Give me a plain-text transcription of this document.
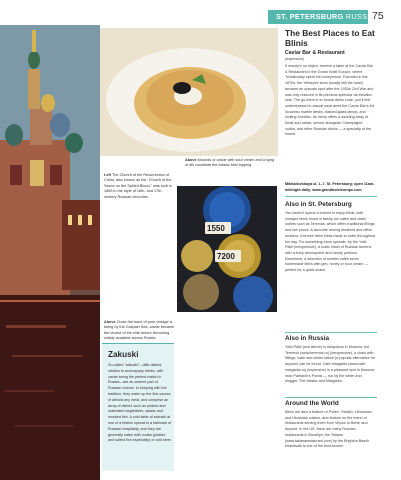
ST. PETERSBURG RUSSIA
75
Above Mounds of caviar with sour cream and a sprig of dill constitute the classic blini topping
Left The Church of the Resurrection of Christ, also known as the “Church of the Savior on the Spilled Blood,” was built in 1883 in the style of 16th- and 17th-century Russian churches.
1550
7200
Above Close-the band of pure vintage is being by the Caspian Sea, caviar became the choice of the elite before becoming widely available across Russia
Zakuski
So-called "zakuski"—little dishes, nibbles to accompany drinks, with caviar being the perfect match in Russia—are an ancient part of Russian cuisine. In keeping with the tradition, they make up the first course of almost any meal, and comprise an array of dishes such as pickled and marinated vegetables, salads and smoked fish. A cold table of zakuski at one of a festive spread is a hallmark of Russian hospitality, and they are generally eaten with vodka (pickles and salted fish especially) or cold beer.
The Best Places to Eat Blinis
Caviar Bar & Restaurant
(expensive)
If money’s no object, reserve a table at the Caviar Bar & Restaurant in the Grand Hotel Europe, where Tchaikovsky spent his honeymoon. Founded in the 1870s, the Yeliseyev store (locally still the hotel) became an upscale spot after the 1930s Civil War and was only restored in its previous splendor as elevator-side. The go-there’s no formal dress code, you’ll feel underdressed in casual wear amid the Caviar Bar’s Art Nouveau marble desks, stained-glass lamps, and inviting fountain. Its menu offers a dazzling array of blinis and caviar, served alongside Champagne, vodka, and other Russian drinks — a specialty of the house.
Mikhailovskaya ul. 1–7, St. Petersburg; open 11am-midnight daily; www.grandhoteleurope.com
Also in St. Petersburg
You needn’t spend a fortune to enjoy blinis, with cheaper blinis found in family-run cafés and chain outlets such as Teremok, which offers traditional fillings and low prices. A favourite among students and office workers, it serves fresh blinis made to order throughout the day. For something more upscale, try the Yolki Palki (inexpensive), a rustic chain of Russian taverns with a lively atmosphere and hearty portions. Elsewhere, a selection of smaller cafés serve homemade blinis with jam, honey or sour cream — perfect for a quick snack.
Also in Russia
Yolki Palki (see above) is ubiquitous in Moscow, but Teremok (www.teremok.ru) (inexpensive), a chain with fillings, hash and winter lattice (a popular alternative for anyone) can be found. Café Margarita (www.cafe-margarita.ru) (expensive) is a pleasant spot in Moscow near Patriarch’s Ponds — run by the writer and blogger, The Master and Margarita.
Around the World
Blinis are also a feature of Polish, Yiddish, Lithuanian, and Ukrainian cuisine, and feature on the menu of restaurants serving them from Vilnius to Berlin and beyond. In the US, there are many Russian restaurants in Brooklyn; the Tatiana (www.tatianarestaurant.com) by the Brighton Beach boardwalk is one of the best-known.
